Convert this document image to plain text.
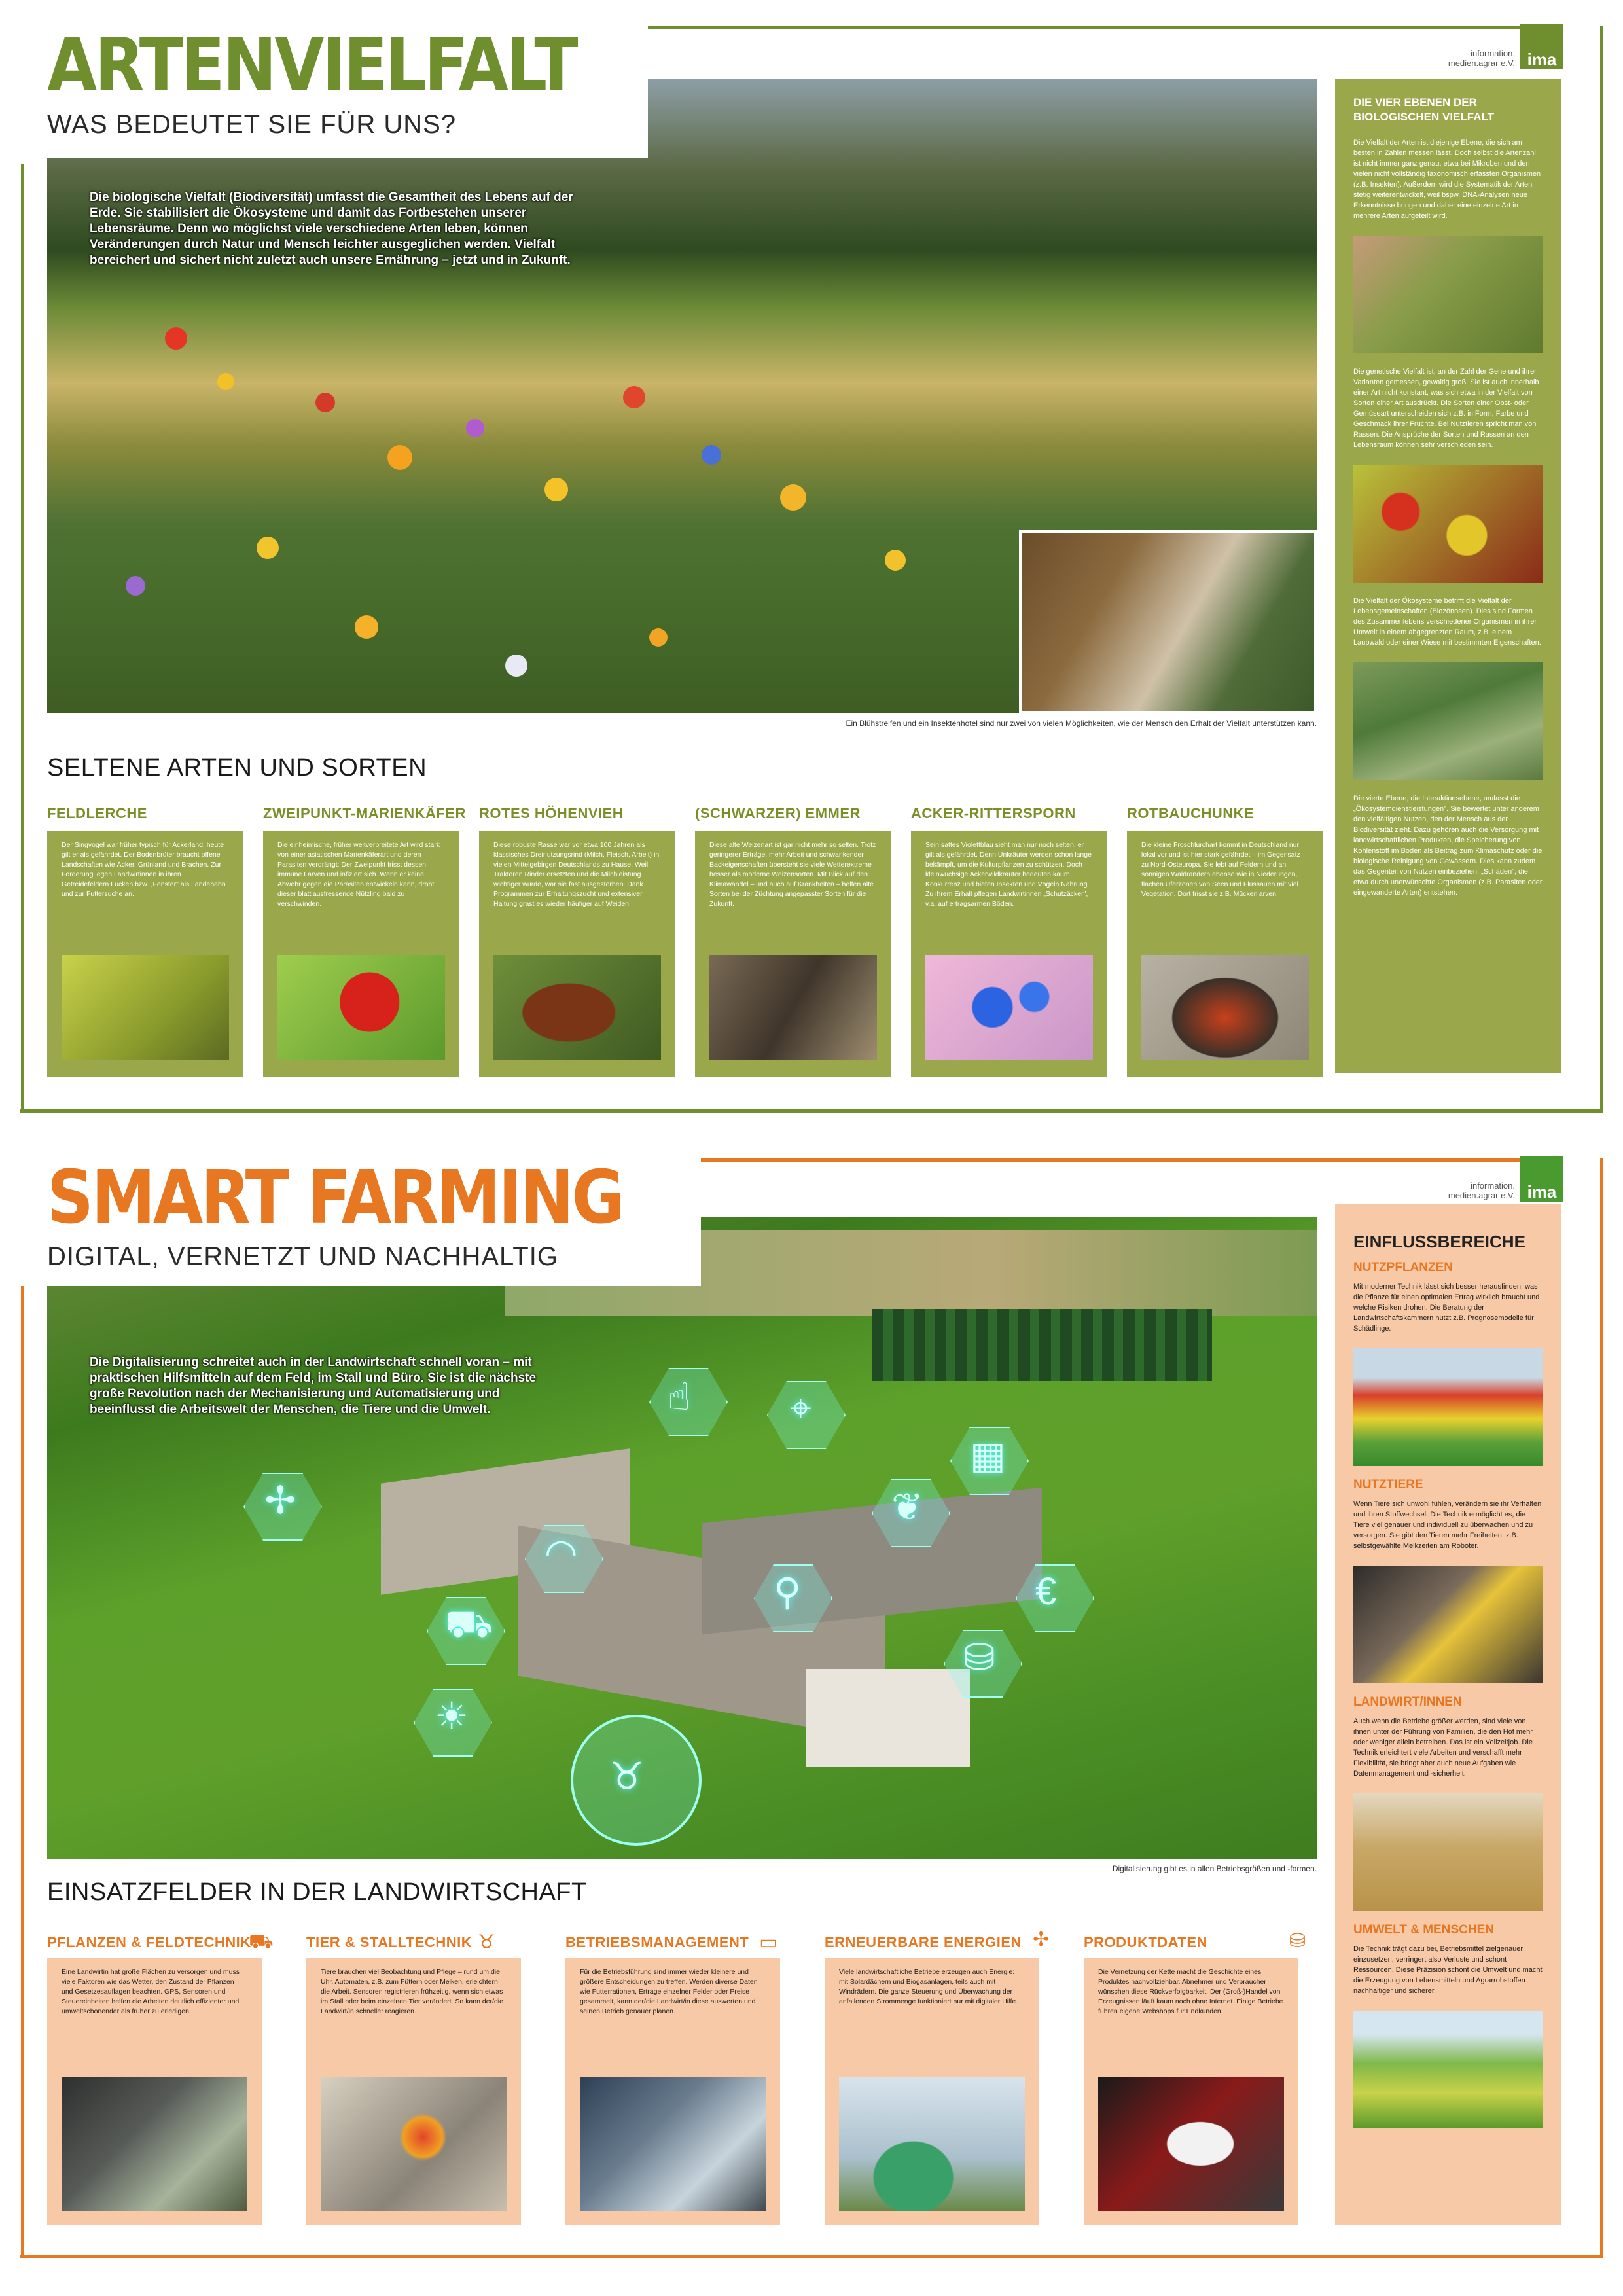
information.
medien.agrar e.V. ima
Die biologische Vielfalt (Biodiversität) umfasst die Gesamtheit des Lebens auf der Erde. Sie stabilisiert die Ökosysteme und damit das Fortbestehen unserer Lebensräume. Denn wo möglichst viele verschiedene Arten leben, können Veränderungen durch Natur und Mensch leichter ausgeglichen werden. Vielfalt bereichert und sichert nicht zuletzt auch unsere Ernährung – jetzt und in Zukunft.
Ein Blühstreifen und ein Insektenhotel sind nur zwei von vielen Möglichkeiten, wie der Mensch den Erhalt der Vielfalt unterstützen kann.
ARTENVIELFALT
WAS BEDEUTET SIE FÜR UNS?
SELTENE ARTEN UND SORTEN
FELDLERCHE
Der Singvogel war früher typisch für Ackerland, heute gilt er als gefährdet. Der Bodenbrüter braucht offene Landschaften wie Äcker, Grünland und Brachen. Zur Förderung legen Landwirtinnen in ihren Getreidefeldern Lücken bzw. „Fenster" als Landebahn und zur Futtersuche an.
ZWEIPUNKT-MARIENKÄFER
Die einheimische, früher weitverbreitete Art wird stark von einer asiatischen Marienkäferart und deren Parasiten verdrängt: Der Zweipunkt frisst dessen immune Larven und infiziert sich. Wenn er keine Abwehr gegen die Parasiten entwickeln kann, droht dieser blattlausfressende Nützling bald zu verschwinden.
ROTES HÖHENVIEH
Diese robuste Rasse war vor etwa 100 Jahren als klassisches Dreinutzungsrind (Milch, Fleisch, Arbeit) in vielen Mittelgebirgen Deutschlands zu Hause. Weil Traktoren Rinder ersetzten und die Milchleistung wichtiger wurde, war sie fast ausgestorben. Dank Programmen zur Erhaltungszucht und extensiver Haltung grast es wieder häufiger auf Weiden.
(SCHWARZER) EMMER
Diese alte Weizenart ist gar nicht mehr so selten. Trotz geringerer Erträge, mehr Arbeit und schwankender Backeigenschaften übersteht sie viele Wetterextreme besser als moderne Weizensorten. Mit Blick auf den Klimawandel – und auch auf Krankheiten – helfen alte Sorten bei der Züchtung angepasster Sorten für die Zukunft.
ACKER-RITTERSPORN
Sein sattes Violettblau sieht man nur noch selten, er gilt als gefährdet. Denn Unkräuter werden schon lange bekämpft, um die Kulturpflanzen zu schützen. Doch kleinwüchsige Ackerwildkräuter bedeuten kaum Konkurrenz und bieten Insekten und Vögeln Nahrung. Zu ihrem Erhalt pflegen Landwirtinnen „Schutzäcker", v.a. auf ertragsarmen Böden.
ROTBAUCHUNKE
Die kleine Froschlurchart kommt in Deutschland nur lokal vor und ist hier stark gefährdet – im Gegensatz zu Nord-Osteuropa. Sie lebt auf Feldern und an sonnigen Waldrändern ebenso wie in Niederungen, flachen Uferzonen von Seen und Flussauen mit viel Vegetation. Dort frisst sie z.B. Mückenlarven.
DIE VIER EBENEN DER BIOLOGISCHEN VIELFALT
Die Vielfalt der Arten ist diejenige Ebene, die sich am besten in Zahlen messen lässt. Doch selbst die Artenzahl ist nicht immer ganz genau, etwa bei Mikroben und den vielen nicht vollständig taxonomisch erfassten Organismen (z.B. Insekten). Außerdem wird die Systematik der Arten stetig weiterentwickelt, weil bspw. DNA-Analysen neue Erkenntnisse bringen und daher eine einzelne Art in mehrere Arten aufgeteilt wird.
Die genetische Vielfalt ist, an der Zahl der Gene und ihrer Varianten gemessen, gewaltig groß. Sie ist auch innerhalb einer Art nicht konstant, was sich etwa in der Vielfalt von Sorten einer Art ausdrückt. Die Sorten einer Obst- oder Gemüseart unterscheiden sich z.B. in Form, Farbe und Geschmack ihrer Früchte. Bei Nutztieren spricht man von Rassen. Die Ansprüche der Sorten und Rassen an den Lebensraum können sehr verschieden sein.
Die Vielfalt der Ökosysteme betrifft die Vielfalt der Lebensgemeinschaften (Biozönosen). Dies sind Formen des Zusammenlebens verschiedener Organismen in ihrer Umwelt in einem abgegrenzten Raum, z.B. einem Laubwald oder einer Wiese mit bestimmten Eigenschaften.
Die vierte Ebene, die Interaktionsebene, umfasst die „Ökosystemdienstleistungen". Sie bewertet unter anderem den vielfältigen Nutzen, den der Mensch aus der Biodiversität zieht. Dazu gehören auch die Versorgung mit landwirtschaftlichen Produkten, die Speicherung von Kohlenstoff im Boden als Beitrag zum Klimaschutz oder die biologische Reinigung von Gewässern. Dies kann zudem das Gegenteil von Nutzen einbeziehen, „Schäden", die etwa durch unerwünschte Organismen (z.B. Parasiten oder eingewanderte Arten) entstehen.
information.
medien.agrar e.V. ima
Die Digitalisierung schreitet auch in der Landwirtschaft schnell voran – mit praktischen Hilfsmitteln auf dem Feld, im Stall und Büro. Sie ist die nächste große Revolution nach der Mechanisierung und Automatisierung und beeinflusst die Arbeitswelt der Menschen, die Tiere und die Umwelt.	☝	⌖
▦
❦
◠
⚲	€
⛟
☀
⛁
✢
♉
Digitalisierung gibt es in allen Betriebsgrößen und -formen.
SMART FARMING
DIGITAL, VERNETZT UND NACHHALTIG
EINSATZFELDER IN DER LANDWIRTSCHAFT
PFLANZEN & FELDTECHNIK
⛟
Eine Landwirtin hat große Flächen zu versorgen und muss viele Faktoren wie das Wetter, den Zustand der Pflanzen und Gesetzesauflagen beachten. GPS, Sensoren und Steuereinheiten helfen die Arbeiten deutlich effizienter und umweltschonender als früher zu erledigen.
TIER & STALLTECHNIK ♉
Tiere brauchen viel Beobachtung und Pflege – rund um die Uhr. Automaten, z.B. zum Füttern oder Melken, erleichtern die Arbeit. Sensoren registrieren frühzeitig, wenn sich etwas im Stall oder beim einzelnen Tier verändert. So kann der/die Landwirt/in schneller reagieren.
BETRIEBSMANAGEMENT ▭
Für die Betriebsführung sind immer wieder kleinere und größere Entscheidungen zu treffen. Werden diverse Daten wie Futterrationen, Erträge einzelner Felder oder Preise gesammelt, kann der/die Landwirt/in diese auswerten und seinen Betrieb genauer planen.
ERNEUERBARE ENERGIEN ✢
Viele landwirtschaftliche Betriebe erzeugen auch Energie: mit Solardächern und Biogasanlagen, teils auch mit Windrädern. Die ganze Steuerung und Überwachung der anfallenden Strommenge funktioniert nur mit digitaler Hilfe.
PRODUKTDATEN	⛁
Die Vernetzung der Kette macht die Geschichte eines Produktes nachvollziehbar. Abnehmer und Verbraucher wünschen diese Rückverfolgbarkeit. Der (Groß-)Handel von Erzeugnissen läuft kaum noch ohne Internet. Einige Betriebe führen eigene Webshops für Endkunden.
EINFLUSSBEREICHE
NUTZPFLANZEN
Mit moderner Technik lässt sich besser herausfinden, was die Pflanze für einen optimalen Ertrag wirklich braucht und welche Risiken drohen. Die Beratung der Landwirtschaftskammern nutzt z.B. Prognosemodelle für Schädlinge.
NUTZTIERE
Wenn Tiere sich unwohl fühlen, verändern sie ihr Verhalten und ihren Stoffwechsel. Die Technik ermöglicht es, die Tiere viel genauer und individuell zu überwachen und zu versorgen. Sie gibt den Tieren mehr Freiheiten, z.B. selbstgewählte Melkzeiten am Roboter.
LANDWIRT/INNEN
Auch wenn die Betriebe größer werden, sind viele von ihnen unter der Führung von Familien, die den Hof mehr oder weniger allein betreiben. Das ist ein Vollzeitjob. Die Technik erleichtert viele Arbeiten und verschafft mehr Flexibilität, sie bringt aber auch neue Aufgaben wie Datenmanagement und -sicherheit.
UMWELT & MENSCHEN
Die Technik trägt dazu bei, Betriebsmittel zielgenauer einzusetzen, verringert also Verluste und schont Ressourcen. Diese Präzision schont die Umwelt und macht die Erzeugung von Lebensmitteln und Agrarrohstoffen nachhaltiger und sicherer.
